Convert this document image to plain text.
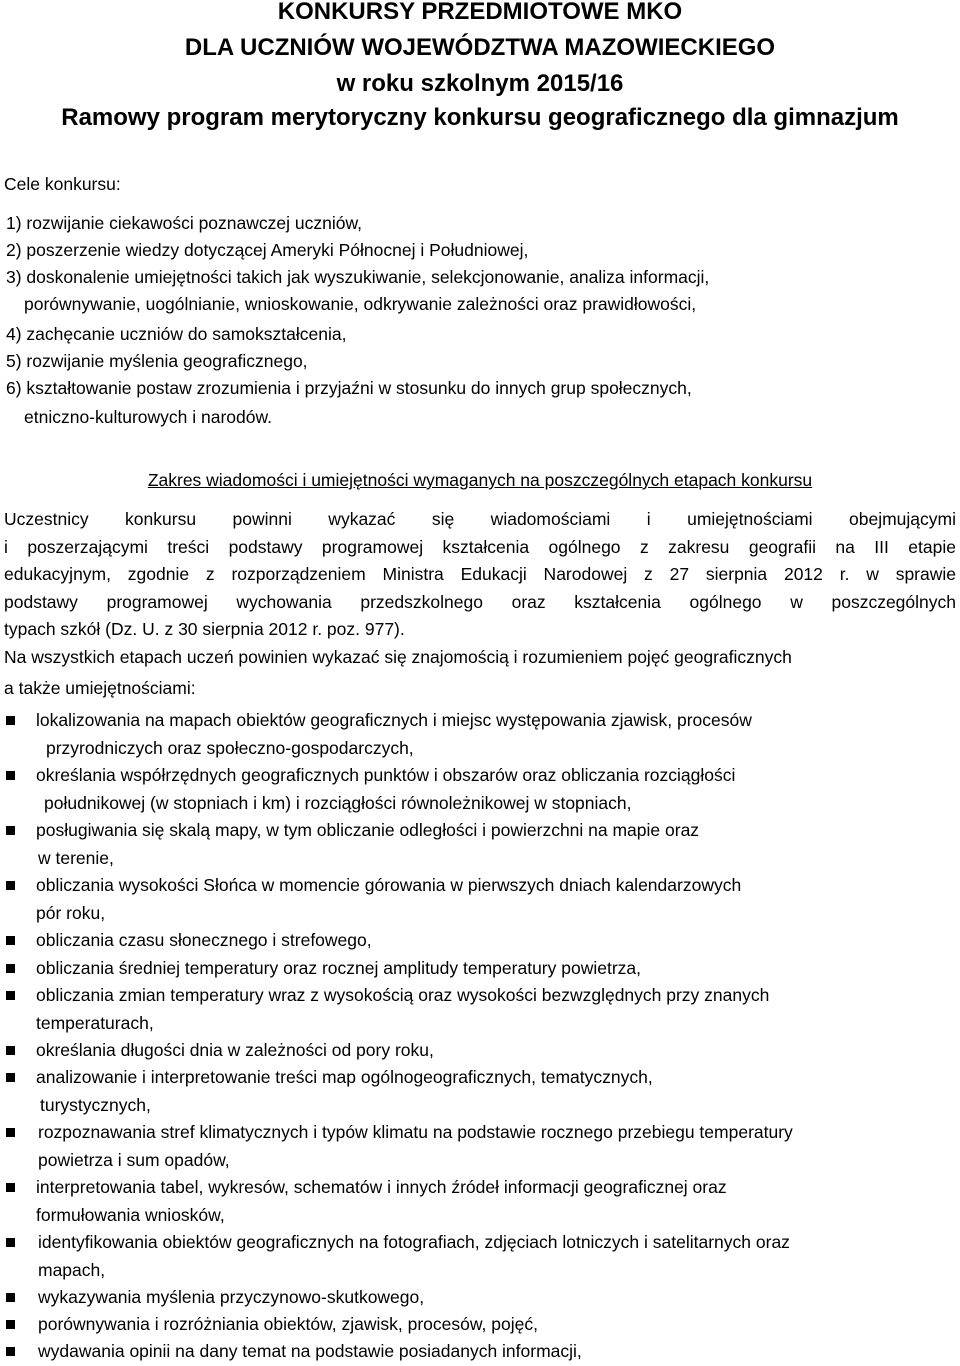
KONKURSY PRZEDMIOTOWE MKO
DLA UCZNIÓW WOJEWÓDZTWA MAZOWIECKIEGO
w roku szkolnym 2015/16
Ramowy program merytoryczny konkursu geograficznego dla gimnazjum
Cele konkursu:
1) rozwijanie ciekawości poznawczej uczniów,
2) poszerzenie wiedzy dotyczącej Ameryki Północnej i Południowej,
3) doskonalenie umiejętności takich jak wyszukiwanie, selekcjonowanie, analiza informacji,
porównywanie, uogólnianie, wnioskowanie, odkrywanie zależności oraz prawidłowości,
4) zachęcanie uczniów do samokształcenia,
5) rozwijanie myślenia geograficznego,
6) kształtowanie postaw zrozumienia i przyjaźni w stosunku do innych grup społecznych,
etniczno-kulturowych i narodów.
Zakres wiadomości i umiejętności wymaganych na poszczególnych etapach konkursu
Uczestnicy konkursu powinni wykazać się wiadomościami i umiejętnościami obejmującymi
i poszerzającymi treści podstawy programowej kształcenia ogólnego z zakresu geografii na III etapie
edukacyjnym, zgodnie z rozporządzeniem Ministra Edukacji Narodowej z 27 sierpnia 2012 r. w sprawie
podstawy programowej wychowania przedszkolnego oraz kształcenia ogólnego w poszczególnych
typach szkół (Dz. U. z 30 sierpnia 2012 r. poz. 977).
Na wszystkich etapach uczeń powinien wykazać się znajomością i rozumieniem pojęć geograficznych
a także umiejętnościami:
lokalizowania na mapach obiektów geograficznych i miejsc występowania zjawisk, procesów
przyrodniczych oraz społeczno-gospodarczych,
określania współrzędnych geograficznych punktów i obszarów oraz obliczania rozciągłości
południkowej (w stopniach i km) i rozciągłości równoleżnikowej w stopniach,
posługiwania się skalą mapy, w tym obliczanie odległości i powierzchni na mapie oraz
w terenie,
obliczania wysokości Słońca w momencie górowania w pierwszych dniach kalendarzowych
pór roku,
obliczania czasu słonecznego i strefowego,
obliczania średniej temperatury oraz rocznej amplitudy temperatury powietrza,
obliczania zmian temperatury wraz z wysokością oraz wysokości bezwzględnych przy znanych
temperaturach,
określania długości dnia w zależności od pory roku,
analizowanie i interpretowanie treści map ogólnogeograficznych, tematycznych,
turystycznych,
rozpoznawania stref klimatycznych i typów klimatu na podstawie rocznego przebiegu temperatury
powietrza i sum opadów,
interpretowania tabel, wykresów, schematów i innych źródeł informacji geograficznej oraz
formułowania wniosków,
identyfikowania obiektów geograficznych na fotografiach, zdjęciach lotniczych i satelitarnych oraz
mapach,
wykazywania myślenia przyczynowo-skutkowego,
porównywania i rozróżniania obiektów, zjawisk, procesów, pojęć,
wydawania opinii na dany temat na podstawie posiadanych informacji,
